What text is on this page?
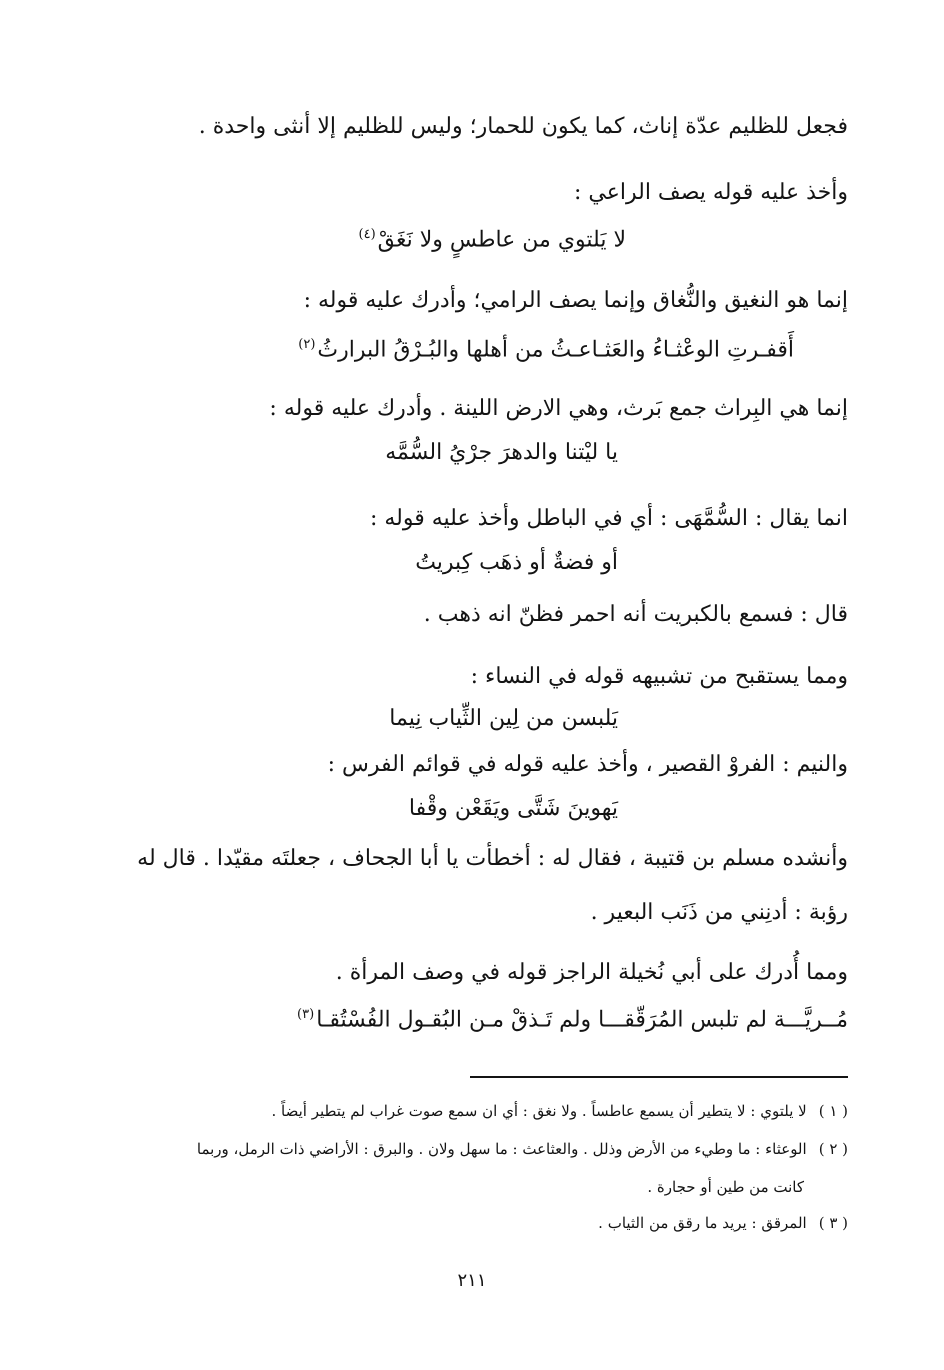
فجعل للظليم عدّة إناث، كما يكون للحمار؛ وليس للظليم إلا أنثى واحدة .
وأخذ عليه قوله يصف الراعي :
لا يَلتوي من عاطسٍ ولا نَغَقْ$^{(٤)}$
إنما هو النغيق والنُّغاق وإنما يصف الرامي؛ وأدرك عليه قوله :
أَقفـرتِ الوعْثـاءُ والعَثـاعـثُ من أهلها والبُـرْقُ البرارثُ$^{(٢)}$
إنما هي البِراث جمع بَرث، وهي الارض اللينة . وأدرك عليه قوله :
يا ليْتنا والدهرَ جرْيُ السُّمَّه
انما يقال : السُّمَّهَى : أي في الباطل وأخذ عليه قوله :
أو فضةٌ أو ذهَب كِبريتُ
قال : فسمع بالكبريت أنه احمر فظنّ انه ذهب .
ومما يستقبح من تشبيهه قوله في النساء :
يَلبسن من لِين الثِّياب نِيما
والنيم : الفروْ القصير ، وأخذ عليه قوله في قوائم الفرس :
يَهوينَ شَتَّى ويَقَعْن وقْفا
وأنشده مسلم بن قتيبة ، فقال له : أخطأت يا أبا الجحاف ، جعلتَه مقيّدا . قال له
رؤبة : أدنِني من ذَنَب البعير .
ومما أُدرك على أبي نُخيلة الراجز قوله في وصف المرأة .
مُــريَّـــة لم تلبس المُرَقّقـــا ولم تَـذقْ مـن البُقـول الفُسْتُقـا$^{(٣)}$
( ١ )لا يلتوي : لا يتطير أن يسمع عاطساً . ولا نغق : أي ان سمع صوت غراب لم يتطير أيضاً .
( ٢ )الوعثاء : ما وطيء من الأرض وذلل . والعثاعث : ما سهل ولان . والبرق : الأراضي ذات الرمل، وربما
كانت من طين أو حجارة .
( ٣ )المرقق : يريد ما رقق من الثياب .
٢١١
